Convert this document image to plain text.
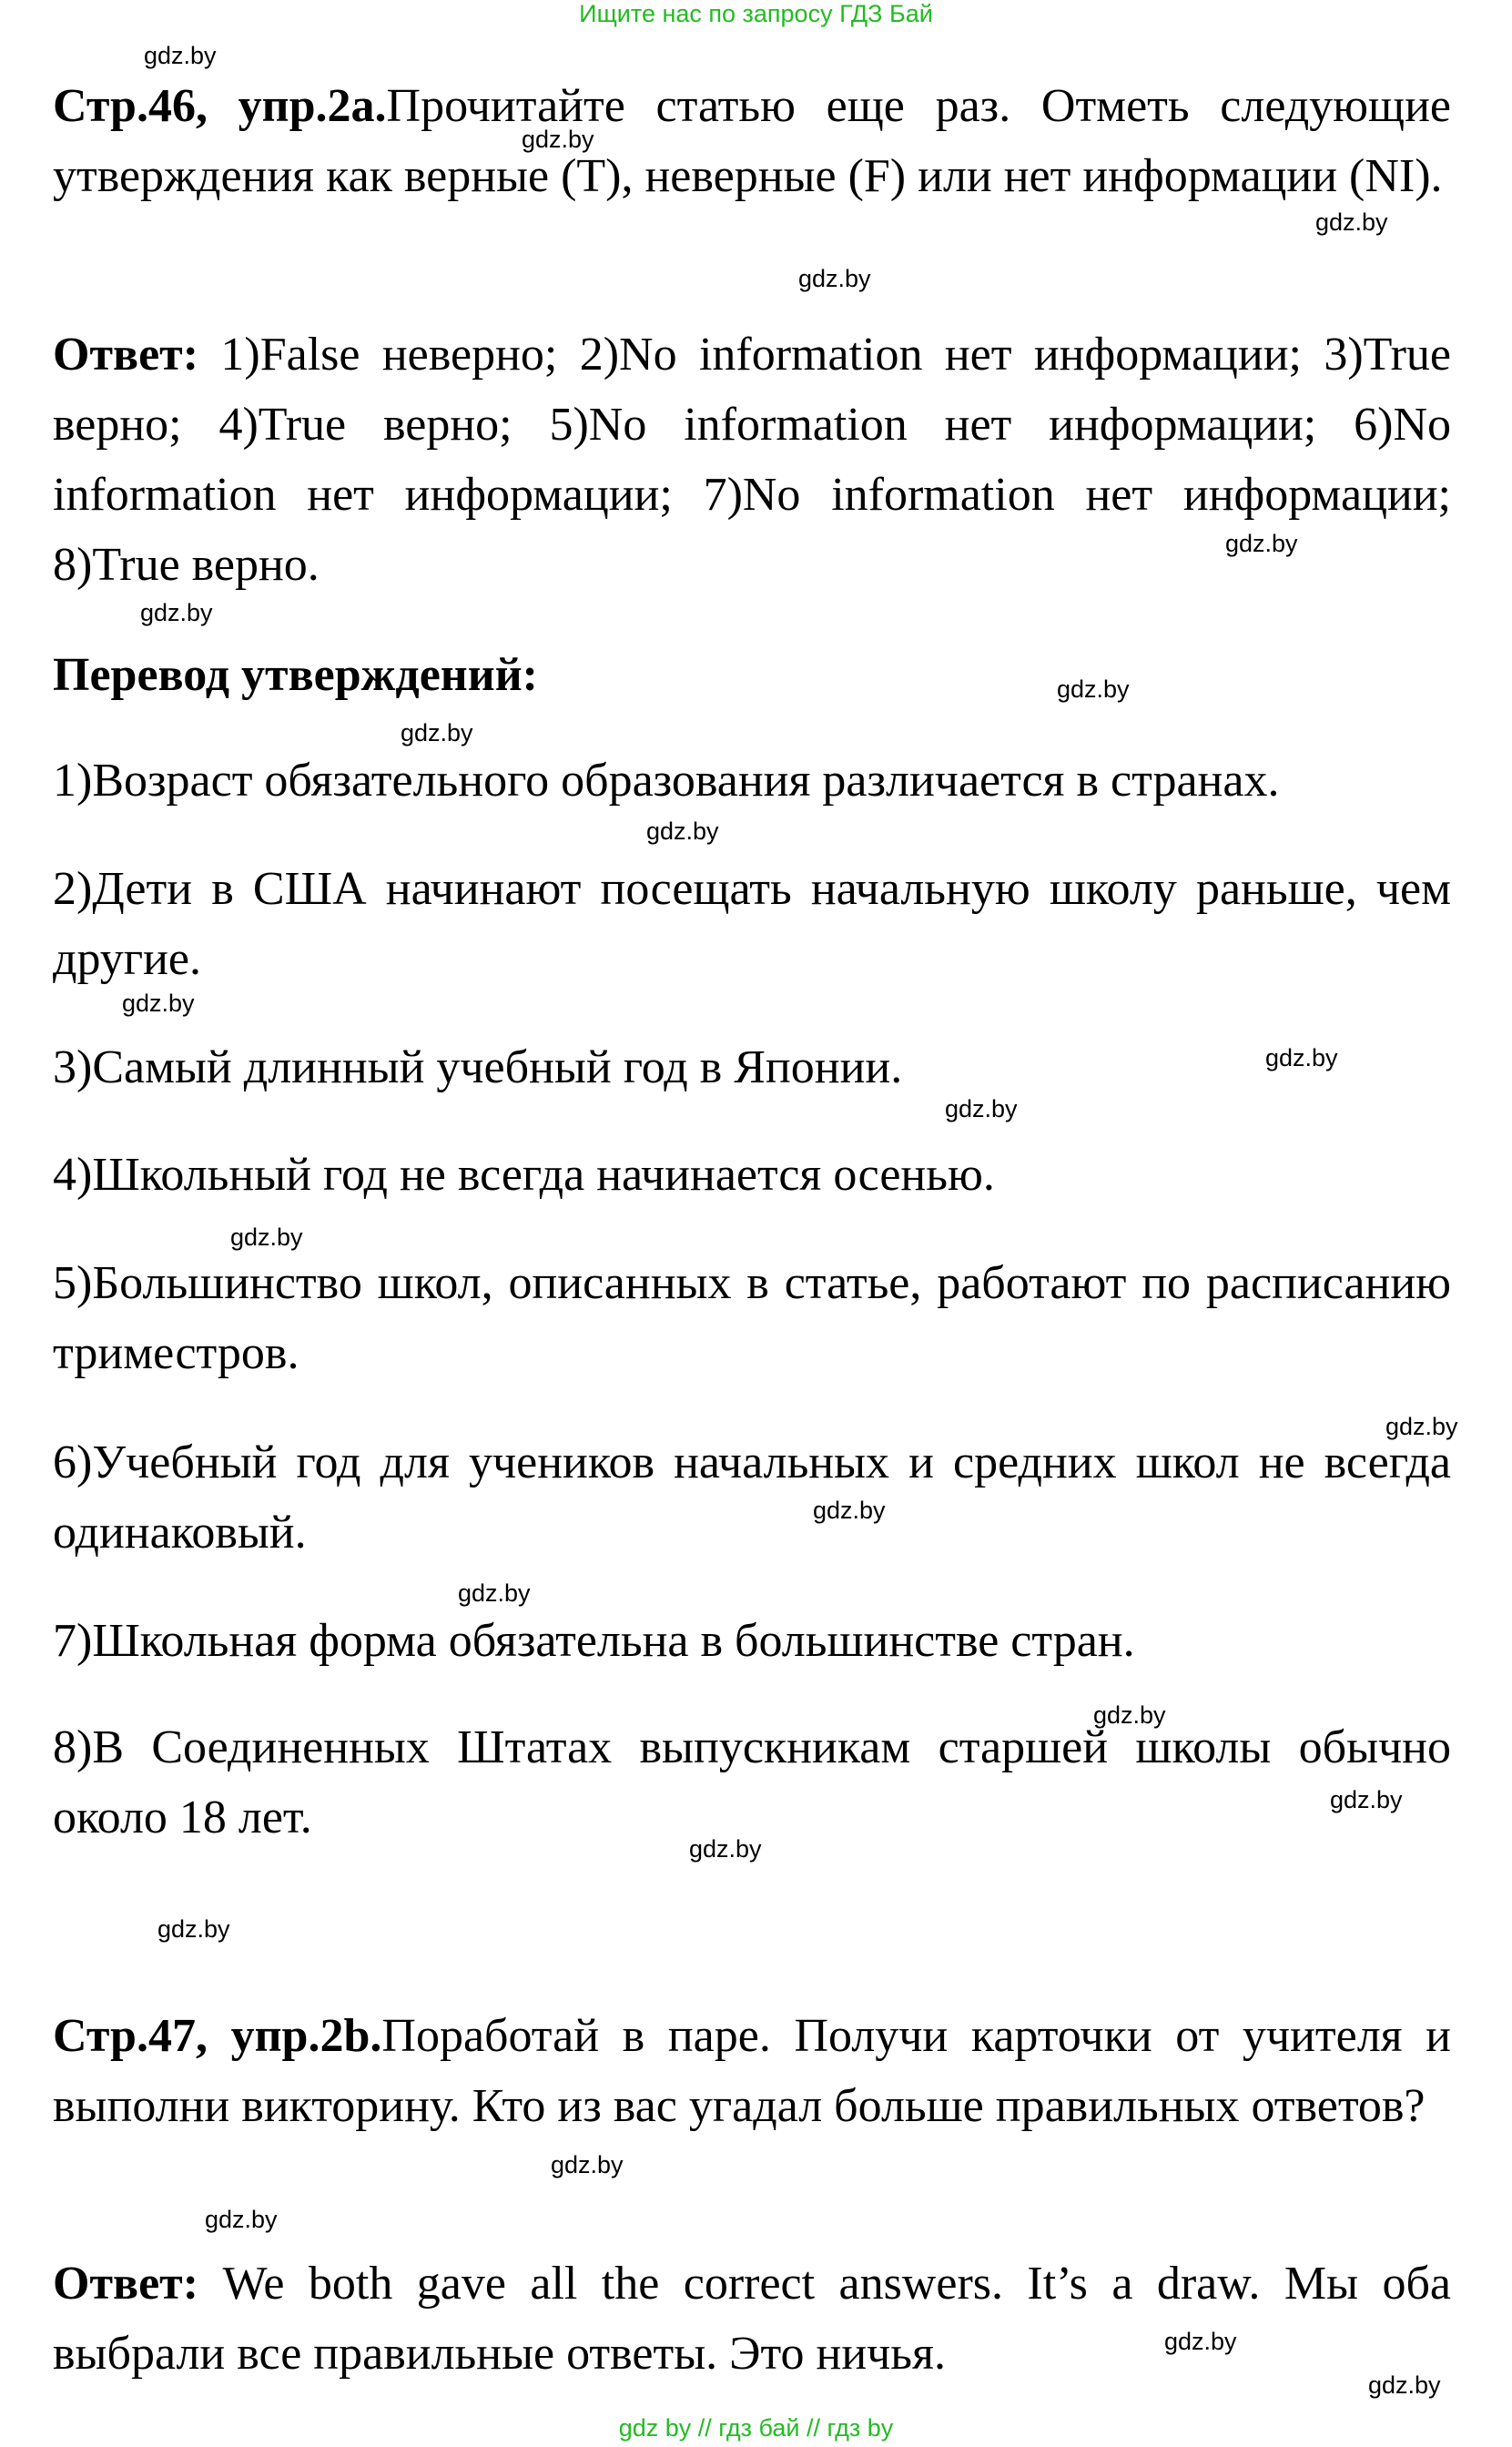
Ищите нас по запросу ГДЗ Бай
Стр.46, упр.2а.Прочитайте статью еще раз. Отметь следующие утверждения как верные (T), неверные (F) или нет информации (NI).
Ответ: 1)False неверно; 2)No information нет информации; 3)True верно; 4)True верно; 5)No information нет информации; 6)No information нет информации; 7)No information нет информации; 8)True верно.
Перевод утверждений:
1)Возраст обязательного образования различается в странах.
2)Дети в США начинают посещать начальную школу раньше, чем другие.
3)Самый длинный учебный год в Японии.
4)Школьный год не всегда начинается осенью.
5)Большинство школ, описанных в статье, работают по расписанию триместров.
6)Учебный год для учеников начальных и средних школ не всегда одинаковый.
7)Школьная форма обязательна в большинстве стран.
8)В Соединенных Штатах выпускникам старшей школы обычно около 18 лет.
Стр.47, упр.2b.Поработай в паре. Получи карточки от учителя и выполни викторину. Кто из вас угадал больше правильных ответов?
Ответ: We both gave all the correct answers. It’s a draw. Мы оба выбрали все правильные ответы. Это ничья.
gdz.by
gdz.by
gdz.by
gdz.by
gdz.by
gdz.by
gdz.by
gdz.by
gdz.by
gdz.by
gdz.by
gdz.by
gdz.by
gdz.by
gdz.by
gdz.by
gdz.by
gdz.by
gdz.by
gdz.by
gdz.by
gdz.by
gdz.by
gdz.by
gdz by // гдз бай // гдз by
